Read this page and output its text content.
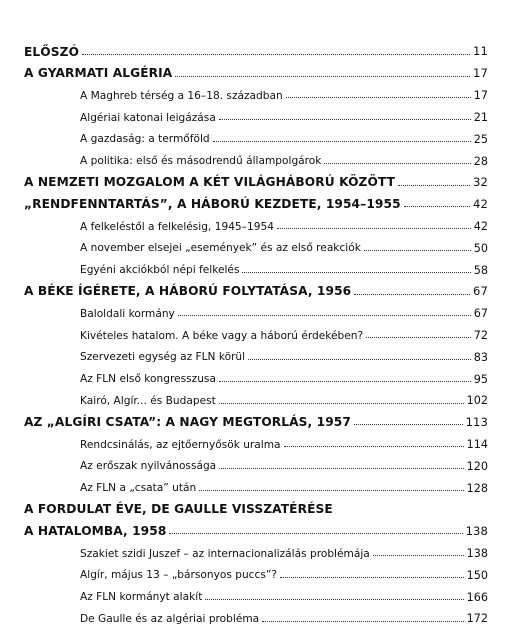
ELŐSZÓ	11
A GYARMATI ALGÉRIA	17
A Maghreb térség a 16–18. században	17
Algériai katonai leigázása	21
A gazdaság: a termőföld	25
A politika: első és másodrendű állampolgárok	28
A NEMZETI MOZGALOM A KÉT VILÁGHÁBORÚ KÖZÖTT	32
„RENDFENNTARTÁS”, A HÁBORÚ KEZDETE, 1954–1955	42
A felkeléstől a felkelésig, 1945–1954	42
A november elsejei „események” és az első reakciók	50
Egyéni akciókból népi felkelés	58
A BÉKE ÍGÉRETE, A HÁBORÚ FOLYTATÁSA, 1956	67
Baloldali kormány	67
Kivételes hatalom. A béke vagy a háború érdekében?	72
Szervezeti egység az FLN körül	83
Az FLN első kongresszusa	95
Kairó, Algír... és Budapest	102
AZ „ALGÍRI CSATA”: A NAGY MEGTORLÁS, 1957	113
Rendcsinálás, az ejtőernyősök uralma	114
Az erőszak nyilvánossága	120
Az FLN a „csata” után	128
A FORDULAT ÉVE, DE GAULLE VISSZATÉRÉSE
A HATALOMBA, 1958	138
Szakiet szidi Juszef – az internacionalizálás problémája	138
Algír, május 13 – „bársonyos puccs”?	150
Az FLN kormányt alakít	166
De Gaulle és az algériai probléma	172
